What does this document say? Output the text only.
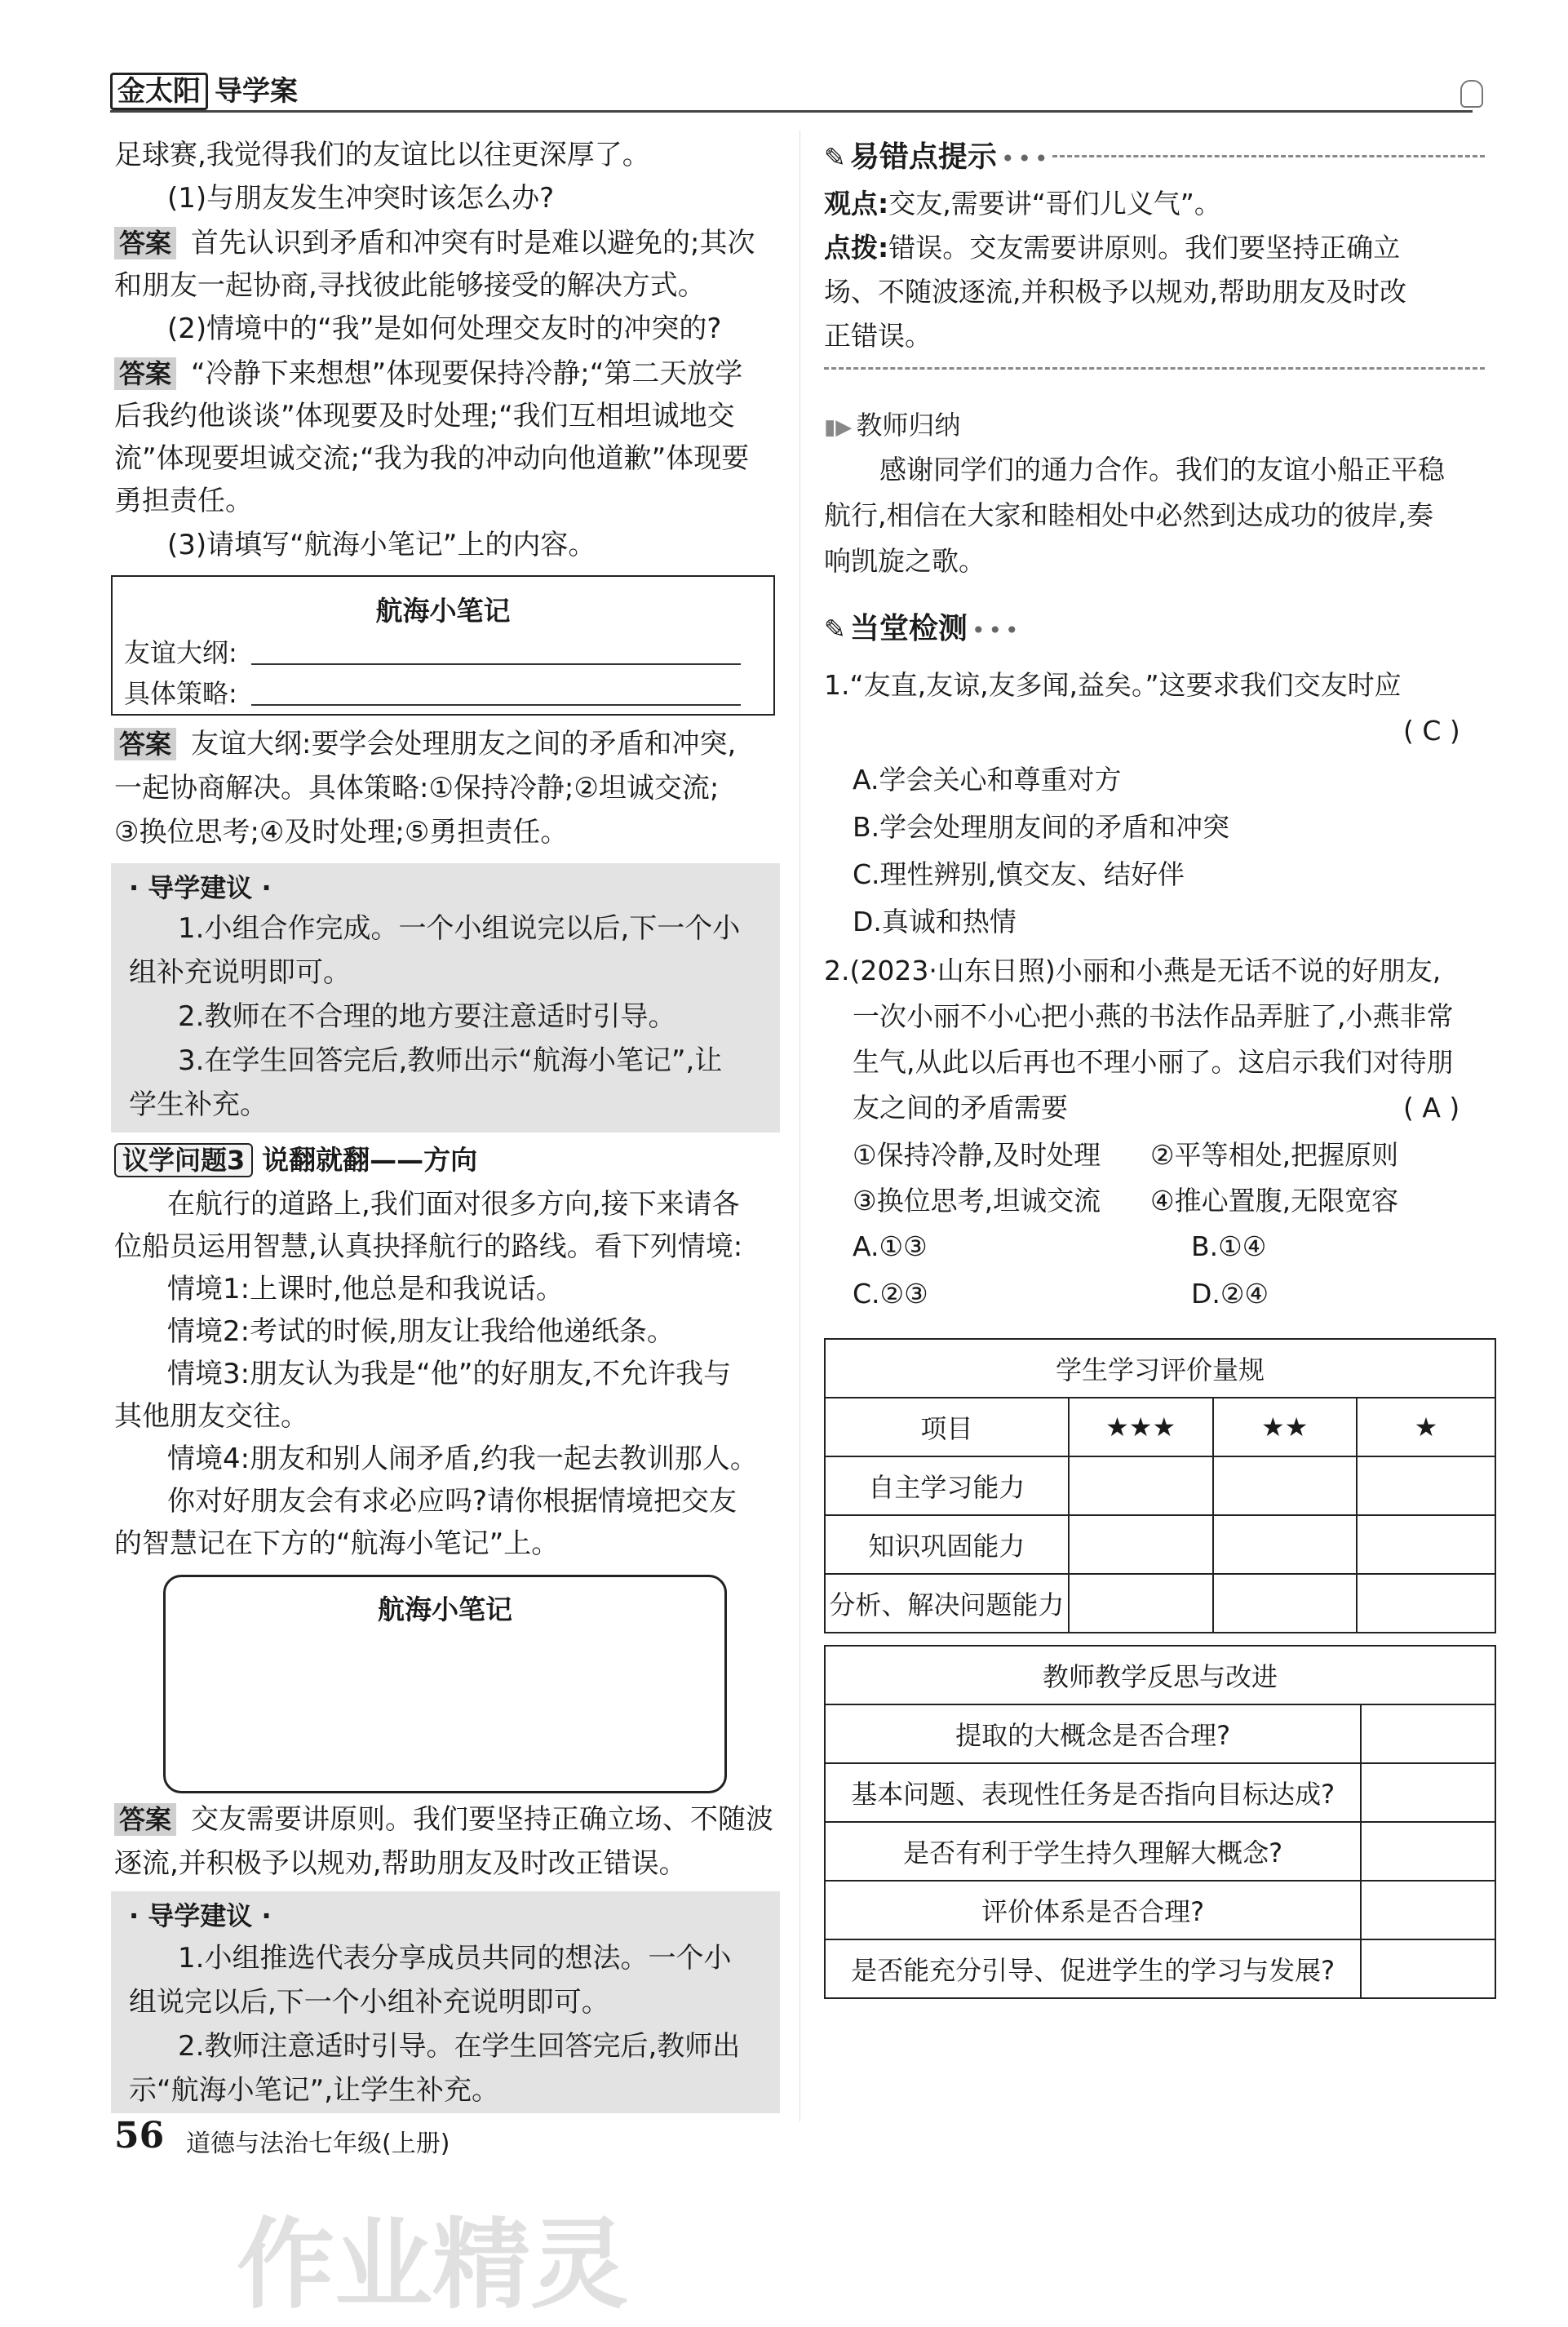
金太阳 导学案
足球赛,我觉得我们的友谊比以往更深厚了。
(1)与朋友发生冲突时该怎么办?
答案 首先认识到矛盾和冲突有时是难以避免的;其次
和朋友一起协商,寻找彼此能够接受的解决方式。
(2)情境中的“我”是如何处理交友时的冲突的?
答案 “冷静下来想想”体现要保持冷静;“第二天放学
后我约他谈谈”体现要及时处理;“我们互相坦诚地交
流”体现要坦诚交流;“我为我的冲动向他道歉”体现要
勇担责任。
(3)请填写“航海小笔记”上的内容。
航海小笔记
友谊大纲:
具体策略:
答案 友谊大纲:要学会处理朋友之间的矛盾和冲突,
一起协商解决。具体策略:①保持冷静;②坦诚交流;
③换位思考;④及时处理;⑤勇担责任。
· 导学建议 ·
1.小组合作完成。一个小组说完以后,下一个小
组补充说明即可。
2.教师在不合理的地方要注意适时引导。
3.在学生回答完后,教师出示“航海小笔记”,让
学生补充。
议学问题3 说翻就翻——方向
在航行的道路上,我们面对很多方向,接下来请各
位船员运用智慧,认真抉择航行的路线。看下列情境:
情境1:上课时,他总是和我说话。
情境2:考试的时候,朋友让我给他递纸条。
情境3:朋友认为我是“他”的好朋友,不允许我与
其他朋友交往。
情境4:朋友和别人闹矛盾,约我一起去教训那人。
你对好朋友会有求必应吗?请你根据情境把交友
的智慧记在下方的“航海小笔记”上。
航海小笔记
答案 交友需要讲原则。我们要坚持正确立场、不随波
逐流,并积极予以规劝,帮助朋友及时改正错误。
· 导学建议 ·
1.小组推选代表分享成员共同的想法。一个小
组说完以后,下一个小组补充说明即可。
2.教师注意适时引导。在学生回答完后,教师出
示“航海小笔记”,让学生补充。
✎ 易错点提示 •••
观点:交友,需要讲“哥们儿义气”。
点拨:错误。交友需要讲原则。我们要坚持正确立
场、不随波逐流,并积极予以规劝,帮助朋友及时改
正错误。
▮▶ 教师归纳
感谢同学们的通力合作。我们的友谊小船正平稳
航行,相信在大家和睦相处中必然到达成功的彼岸,奏
响凯旋之歌。
✎ 当堂检测 •••
1.“友直,友谅,友多闻,益矣。”这要求我们交友时应
( C )
A.学会关心和尊重对方
B.学会处理朋友间的矛盾和冲突
C.理性辨别,慎交友、结好伴
D.真诚和热情
2.(2023·山东日照)小丽和小燕是无话不说的好朋友,
一次小丽不小心把小燕的书法作品弄脏了,小燕非常
生气,从此以后再也不理小丽了。这启示我们对待朋
友之间的矛盾需要	( A )
①保持冷静,及时处理 ②平等相处,把握原则
③换位思考,坦诚交流 ④推心置腹,无限宽容
A.①③	B.①④
C.②③	D.②④
学生学习评价量规			
项目	★★★	★★	★
自主学习能力			
知识巩固能力			
分析、解决问题能力			
教师教学反思与改进	
提取的大概念是否合理?	
基本问题、表现性任务是否指向目标达成?	
是否有利于学生持久理解大概念?	
评价体系是否合理?	
是否能充分引导、促进学生的学习与发展?	
56 道德与法治七年级(上册)
作业精灵
